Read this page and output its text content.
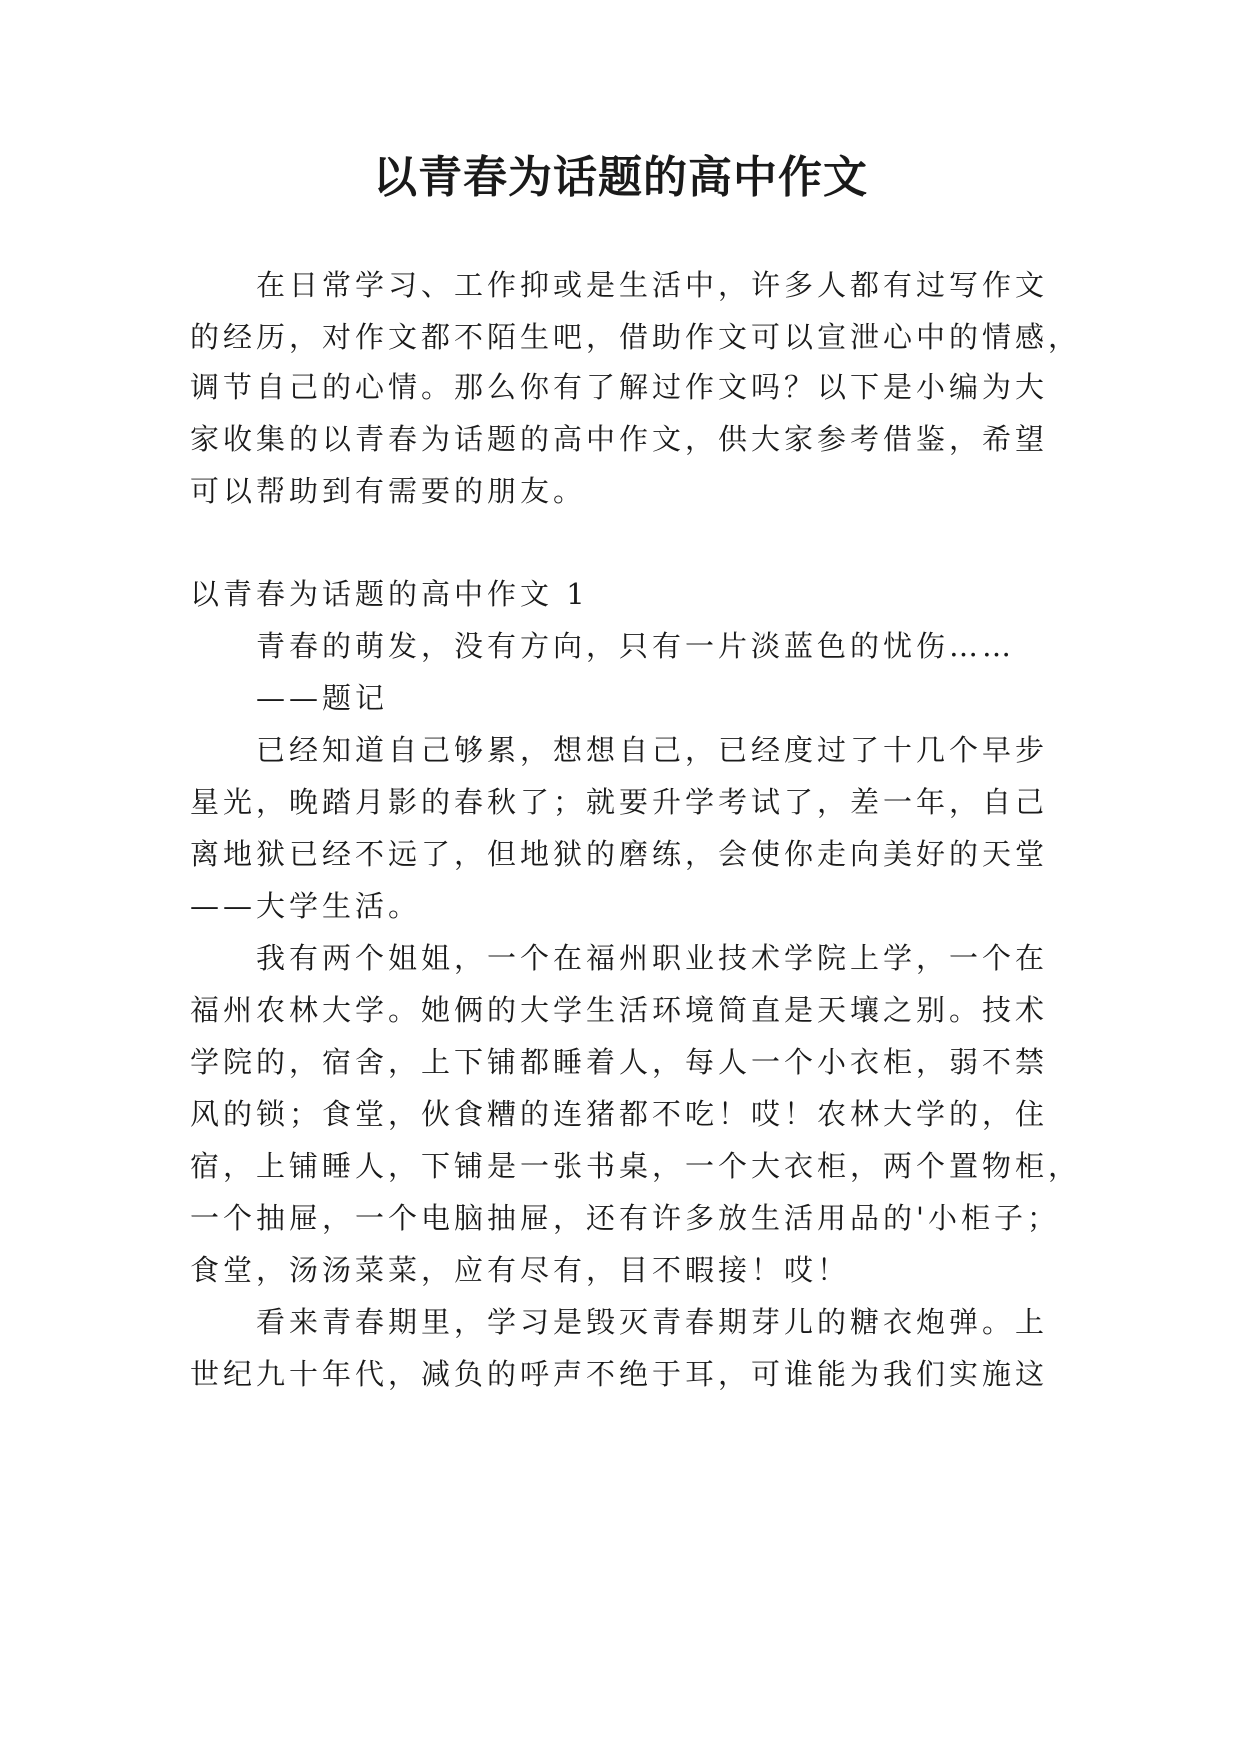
以青春为话题的高中作文

在日常学习、工作抑或是生活中，许多人都有过写作文

的经历，对作文都不陌生吧，借助作文可以宣泄心中的情感，

调节自己的心情。那么你有了解过作文吗？以下是小编为大

家收集的以青春为话题的高中作文，供大家参考借鉴，希望

可以帮助到有需要的朋友。

以青春为话题的高中作文 1

青春的萌发，没有方向，只有一片淡蓝色的忧伤……

——题记

已经知道自己够累，想想自己，已经度过了十几个早步

星光，晚踏月影的春秋了；就要升学考试了，差一年，自己

离地狱已经不远了，但地狱的磨练，会使你走向美好的天堂

——大学生活。

我有两个姐姐，一个在福州职业技术学院上学，一个在

福州农林大学。她俩的大学生活环境简直是天壤之别。技术

学院的，宿舍，上下铺都睡着人，每人一个小衣柜，弱不禁

风的锁；食堂，伙食糟的连猪都不吃！哎！农林大学的，住

宿，上铺睡人，下铺是一张书桌，一个大衣柜，两个置物柜，

一个抽屉，一个电脑抽屉，还有许多放生活用品的'小柜子；

食堂，汤汤菜菜，应有尽有，目不暇接！哎！

看来青春期里，学习是毁灭青春期芽儿的糖衣炮弹。上

世纪九十年代，减负的呼声不绝于耳，可谁能为我们实施这
